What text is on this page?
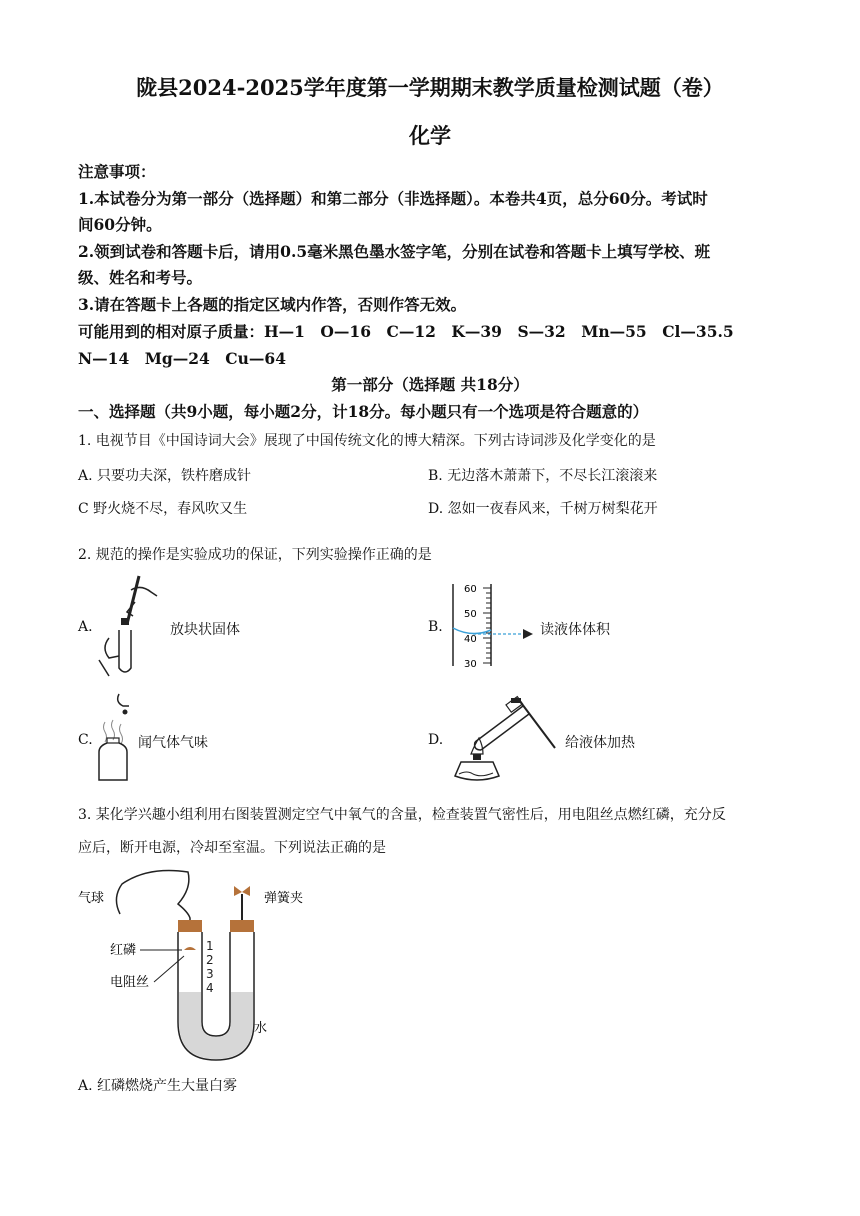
陇县2024-2025学年度第一学期期末教学质量检测试题（卷）
化学
注意事项：
1.本试卷分为第一部分（选择题）和第二部分（非选择题）。本卷共4页，总分60分。考试时
间60分钟。
2.领到试卷和答题卡后，请用0.5毫米黑色墨水签字笔，分别在试卷和答题卡上填写学校、班
级、姓名和考号。
3.请在答题卡上各题的指定区域内作答，否则作答无效。
可能用到的相对原子质量：H—1　O—16　C—12　K—39　S—32　Mn—55　Cl—35.5
N—14　Mg—24　Cu—64
第一部分（选择题 共18分）
一、选择题（共9小题，每小题2分，计18分。每小题只有一个选项是符合题意的）
1. 电视节目《中国诗词大会》展现了中国传统文化的博大精深。下列古诗词涉及化学变化的是
A. 只要功夫深，铁杵磨成针	B. 无边落木萧萧下，不尽长江滚滚来
C 野火烧不尽，春风吹又生	D. 忽如一夜春风来，千树万树梨花开
2. 规范的操作是实验成功的保证，下列实验操作正确的是
A.	放块状固体	B.
60
50
40
30
读液体体积
C.	闻气体气味	D.	给液体加热
3. 某化学兴趣小组利用右图装置测定空气中氧气的含量，检查装置气密性后，用电阻丝点燃红磷，充分反
应后，断开电源，冷却至室温。下列说法正确的是
气球	弹簧夹
1
2
3
4
红磷
电阻丝
水
A. 红磷燃烧产生大量白雾
